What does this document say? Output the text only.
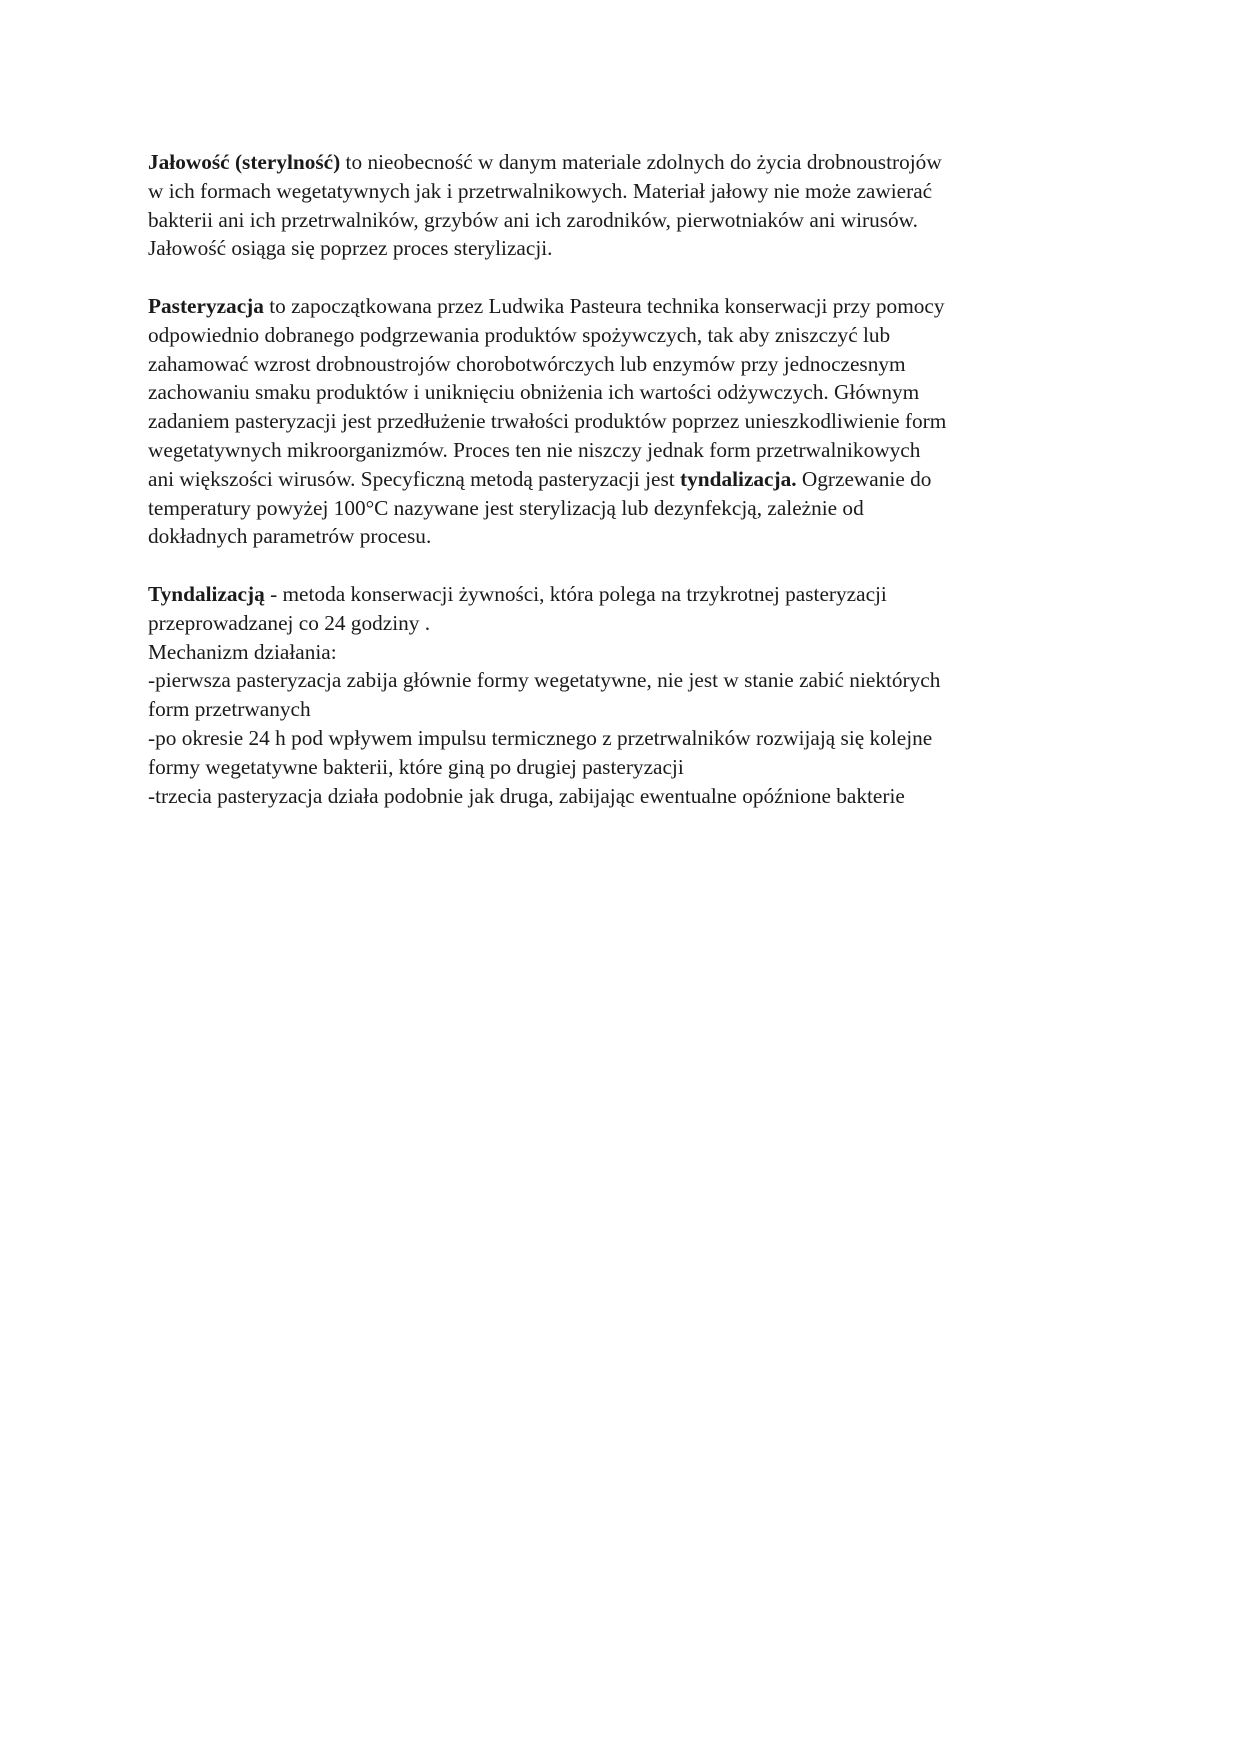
Jałowość (sterylność) to nieobecność w danym materiale zdolnych do życia drobnoustrojów
w ich formach wegetatywnych jak i przetrwalnikowych. Materiał jałowy nie może zawierać
bakterii ani ich przetrwalników, grzybów ani ich zarodników, pierwotniaków ani wirusów.
Jałowość osiąga się poprzez proces sterylizacji.

Pasteryzacja to zapoczątkowana przez Ludwika Pasteura technika konserwacji przy pomocy
odpowiednio dobranego podgrzewania produktów spożywczych, tak aby zniszczyć lub
zahamować wzrost drobnoustrojów chorobotwórczych lub enzymów przy jednoczesnym
zachowaniu smaku produktów i uniknięciu obniżenia ich wartości odżywczych. Głównym
zadaniem pasteryzacji jest przedłużenie trwałości produktów poprzez unieszkodliwienie form
wegetatywnych mikroorganizmów. Proces ten nie niszczy jednak form przetrwalnikowych
ani większości wirusów. Specyficzną metodą pasteryzacji jest tyndalizacja. Ogrzewanie do
temperatury powyżej 100°C nazywane jest sterylizacją lub dezynfekcją, zależnie od
dokładnych parametrów procesu.

Tyndalizacją - metoda konserwacji żywności, która polega na trzykrotnej pasteryzacji
przeprowadzanej co 24 godziny .
Mechanizm działania:
-pierwsza pasteryzacja zabija głównie formy wegetatywne, nie jest w stanie zabić niektórych
form przetrwanych
-po okresie 24 h pod wpływem impulsu termicznego z przetrwalników rozwijają się kolejne
formy wegetatywne bakterii, które giną po drugiej pasteryzacji
-trzecia pasteryzacja działa podobnie jak druga, zabijając ewentualne opóźnione bakterie
